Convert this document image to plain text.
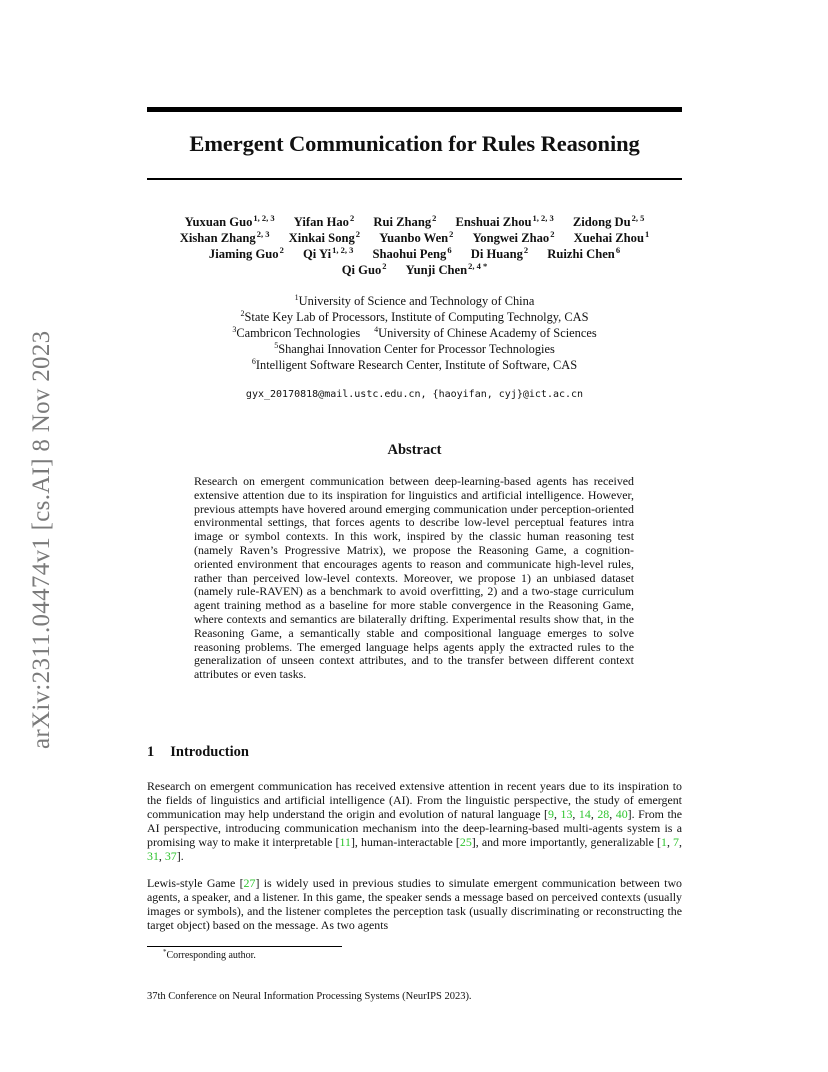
arXiv:2311.04474v1 [cs.AI] 8 Nov 2023
Emergent Communication for Rules Reasoning
Yuxuan Guo$^{1, 2, 3}$ Yifan Hao$^2$ Rui Zhang$^2$ Enshuai Zhou$^{1, 2, 3}$ Zidong Du$^{2, 5}$
Xishan Zhang$^{2, 3}$ Xinkai Song$^2$ Yuanbo Wen$^2$ Yongwei Zhao$^2$ Xuehai Zhou$^1$
Jiaming Guo$^2$ Qi Yi$^{1, 2, 3}$ Shaohui Peng$^6$ Di Huang$^2$ Ruizhi Chen$^6$
Qi Guo$^2$ Yunji Chen$^{2, 4 *}$
$^1$University of Science and Technology of China
$^2$State Key Lab of Processors, Institute of Computing Technolgy, CAS
$^3$Cambricon Technologies $^4$University of Chinese Academy of Sciences
$^5$Shanghai Innovation Center for Processor Technologies
$^6$Intelligent Software Research Center, Institute of Software, CAS
gyx_20170818@mail.ustc.edu.cn, {haoyifan, cyj}@ict.ac.cn
Abstract

Research on emergent communication between deep-learning-based agents has received extensive attention due to its inspiration for linguistics and artificial intelligence. However, previous attempts have hovered around emerging communication under perception-oriented environmental settings, that forces agents to describe low-level perceptual features intra image or symbol contexts. In this work, inspired by the classic human reasoning test (namely Raven’s Progressive Matrix), we propose the Reasoning Game, a cognition-oriented environment that encourages agents to reason and communicate high-level rules, rather than perceived low-level contexts. Moreover, we propose 1) an unbiased dataset (namely rule-RAVEN) as a benchmark to avoid overfitting, 2) and a two-stage curriculum agent training method as a baseline for more stable convergence in the Reasoning Game, where contexts and semantics are bilaterally drifting. Experimental results show that, in the Reasoning Game, a semantically stable and compositional language emerges to solve reasoning problems. The emerged language helps agents apply the extracted rules to the generalization of unseen context attributes, and to the transfer between different context attributes or even tasks.

1 Introduction

Research on emergent communication has received extensive attention in recent years due to its inspiration to the fields of linguistics and artificial intelligence (AI). From the linguistic perspective, the study of emergent communication may help understand the origin and evolution of natural language [9, 13, 14, 28, 40]. From the AI perspective, introducing communication mechanism into the deep-learning-based multi-agents system is a promising way to make it interpretable [11], human-interactable [25], and more importantly, generalizable [1, 7, 31, 37].

Lewis-style Game [27] is widely used in previous studies to simulate emergent communication between two agents, a speaker, and a listener. In this game, the speaker sends a message based on perceived contexts (usually images or symbols), and the listener completes the perception task (usually discriminating or reconstructing the target object) based on the message. As two agents

*Corresponding author.
37th Conference on Neural Information Processing Systems (NeurIPS 2023).
